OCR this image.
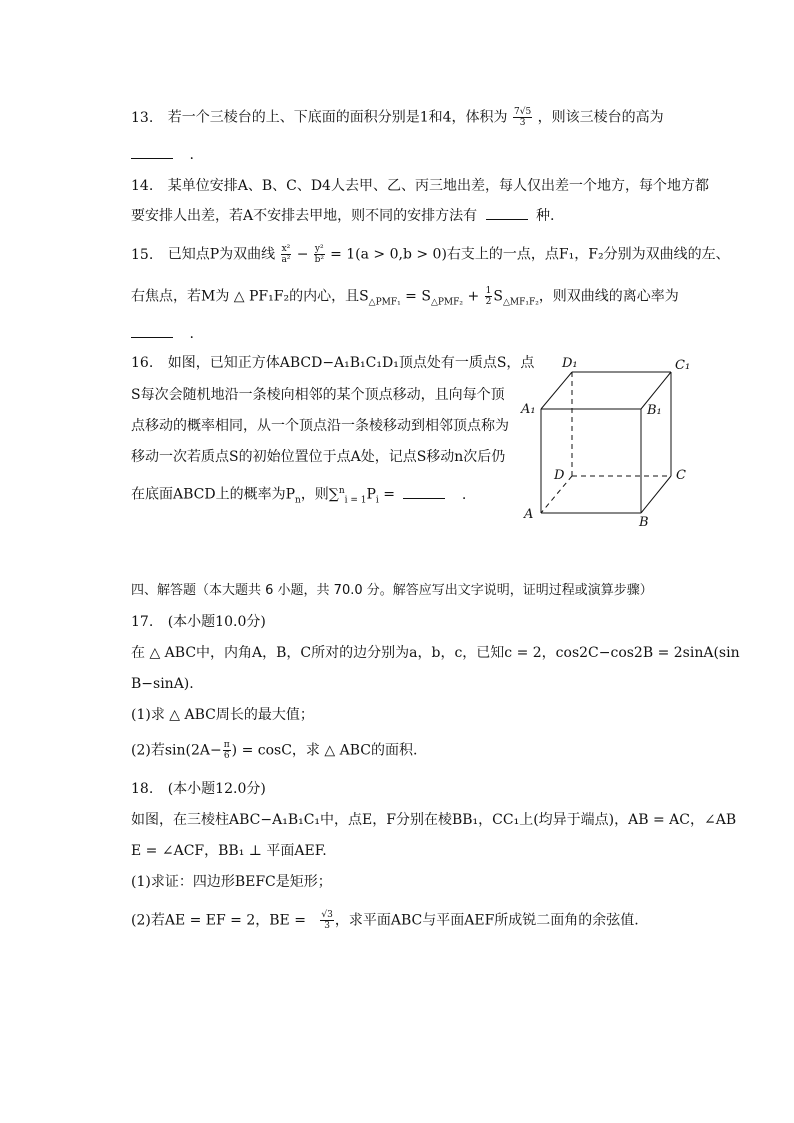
13. 若一个三棱台的上、下底面的面积分别是1和4，体积为 $\frac{7√5}{3}$ ，则该三棱台的高为
.
14. 某单位安排A、B、C、D4人去甲、乙、丙三地出差，每人仅出差一个地方，每个地方都
要安排人出差，若A不安排去甲地，则不同的安排方法有	种.
15. 已知点P为双曲线 $\frac{\text{x²}}{\text{a²}} - \frac{\text{y²}}{\text{b²}} = 1(a > 0,b > 0)$右支上的一点，点F₁，F₂分别为双曲线的左、
右焦点，若M为 △ PF₁F₂的内心，且$S_{\triangle PMF_1} = S_{\triangle PMF_2} + \frac{1}{2} S_{\triangle MF_1F_2}$，则双曲线的离心率为
.
16. 如图，已知正方体ABCD−A₁B₁C₁D₁顶点处有一质点S，点
S每次会随机地沿一条棱向相邻的某个顶点移动，且向每个顶
点移动的概率相同，从一个顶点沿一条棱移动到相邻顶点称为
移动一次若质点S的初始位置位于点A处，记点S移动n次后仍
在底面ABCD上的概率为$P_n$，则$\sum^n_{i = 1}P_i$ =	.
D₁	C₁
A₁	B₁
D	C
A
B
四、解答题（本大题共 6 小题，共 70.0 分。解答应写出文字说明，证明过程或演算步骤）
17. (本小题10.0分)
在 △ ABC中，内角A，B，C所对的边分别为a，b，c，已知c = 2，cos2C−cos2B = 2sinA(sin
B−sinA).
(1)求 △ ABC周长的最大值；
(2)若$\sin(2A- \frac{\pi}{6}$ ) = cosC，求 △ ABC的面积.
18. (本小题12.0分)
如图，在三棱柱ABC−A₁B₁C₁中，点E，F分别在棱BB₁，CC₁上(均异于端点)，AB = AC，∠AB
E = ∠ACF，BB₁ ⊥ 平面AEF.
(1)求证：四边形BEFC是矩形；
(2)若AE = EF = 2，BE = $\frac{√3}{3}$ ，求平面ABC与平面AEF所成锐二面角的余弦值.
